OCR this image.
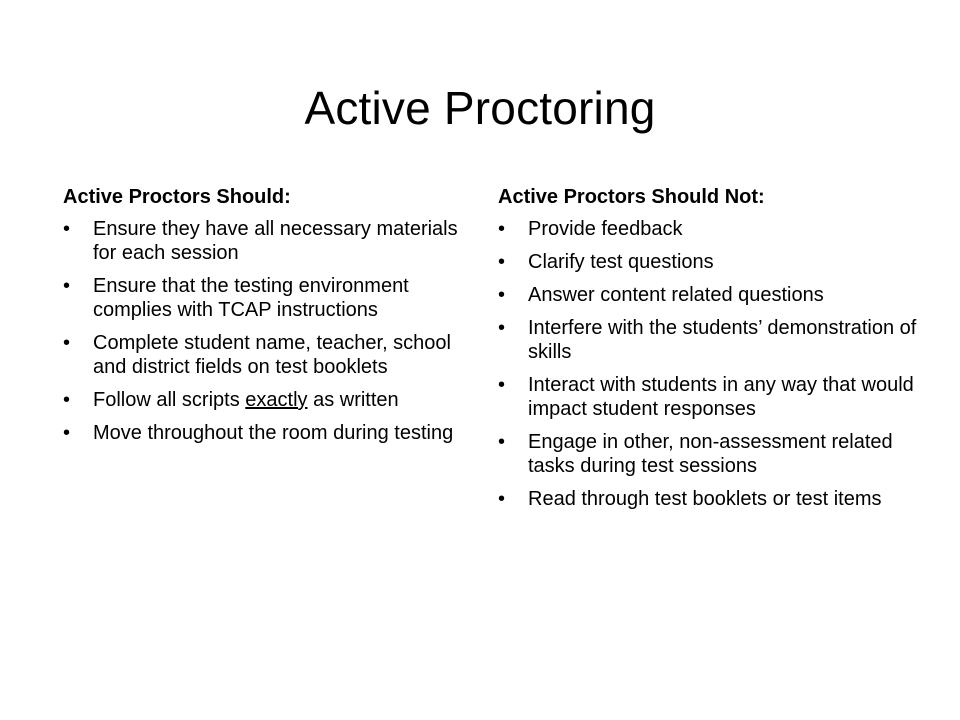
Active Proctoring
Active Proctors Should:
•	Ensure they have all necessary materials for each session
•	Ensure that the testing environment complies with TCAP instructions
•	Complete student name, teacher, school and district fields on test booklets
•	Follow all scripts exactly as written
•	Move throughout the room during testing
Active Proctors Should Not:
•	Provide feedback
•	Clarify test questions
•	Answer content related questions
•	Interfere with the students’ demonstration of skills
•	Interact with students in any way that would impact student responses
•	Engage in other, non-assessment related tasks during test sessions
•	Read through test booklets or test items
